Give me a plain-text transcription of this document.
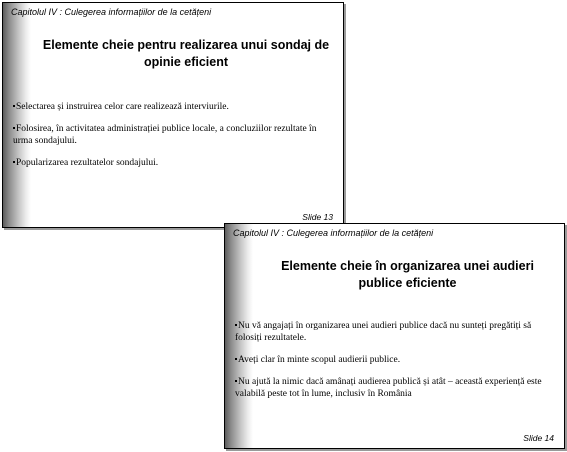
Capitolul IV : Culegerea informațiilor de la cetățeni
Elemente cheie pentru realizarea unui sondaj de opinie eficient
Selectarea și instruirea celor care realizează interviurile.
Folosirea, în activitatea administrației publice locale, a concluziilor rezultate în urma sondajului.
Popularizarea rezultatelor sondajului.
Slide 13
Capitolul IV : Culegerea informațiilor de la cetățeni
Elemente cheie în organizarea unei audieri publice eficiente
Nu vă angajați în organizarea unei audieri publice dacă nu sunteți pregătiți să folosiți rezultatele.
Aveți clar în minte scopul audierii publice.
Nu ajută la nimic dacă amânați audierea publică și atât – această experiență este valabilă peste tot în lume, inclusiv în România
Slide 14
